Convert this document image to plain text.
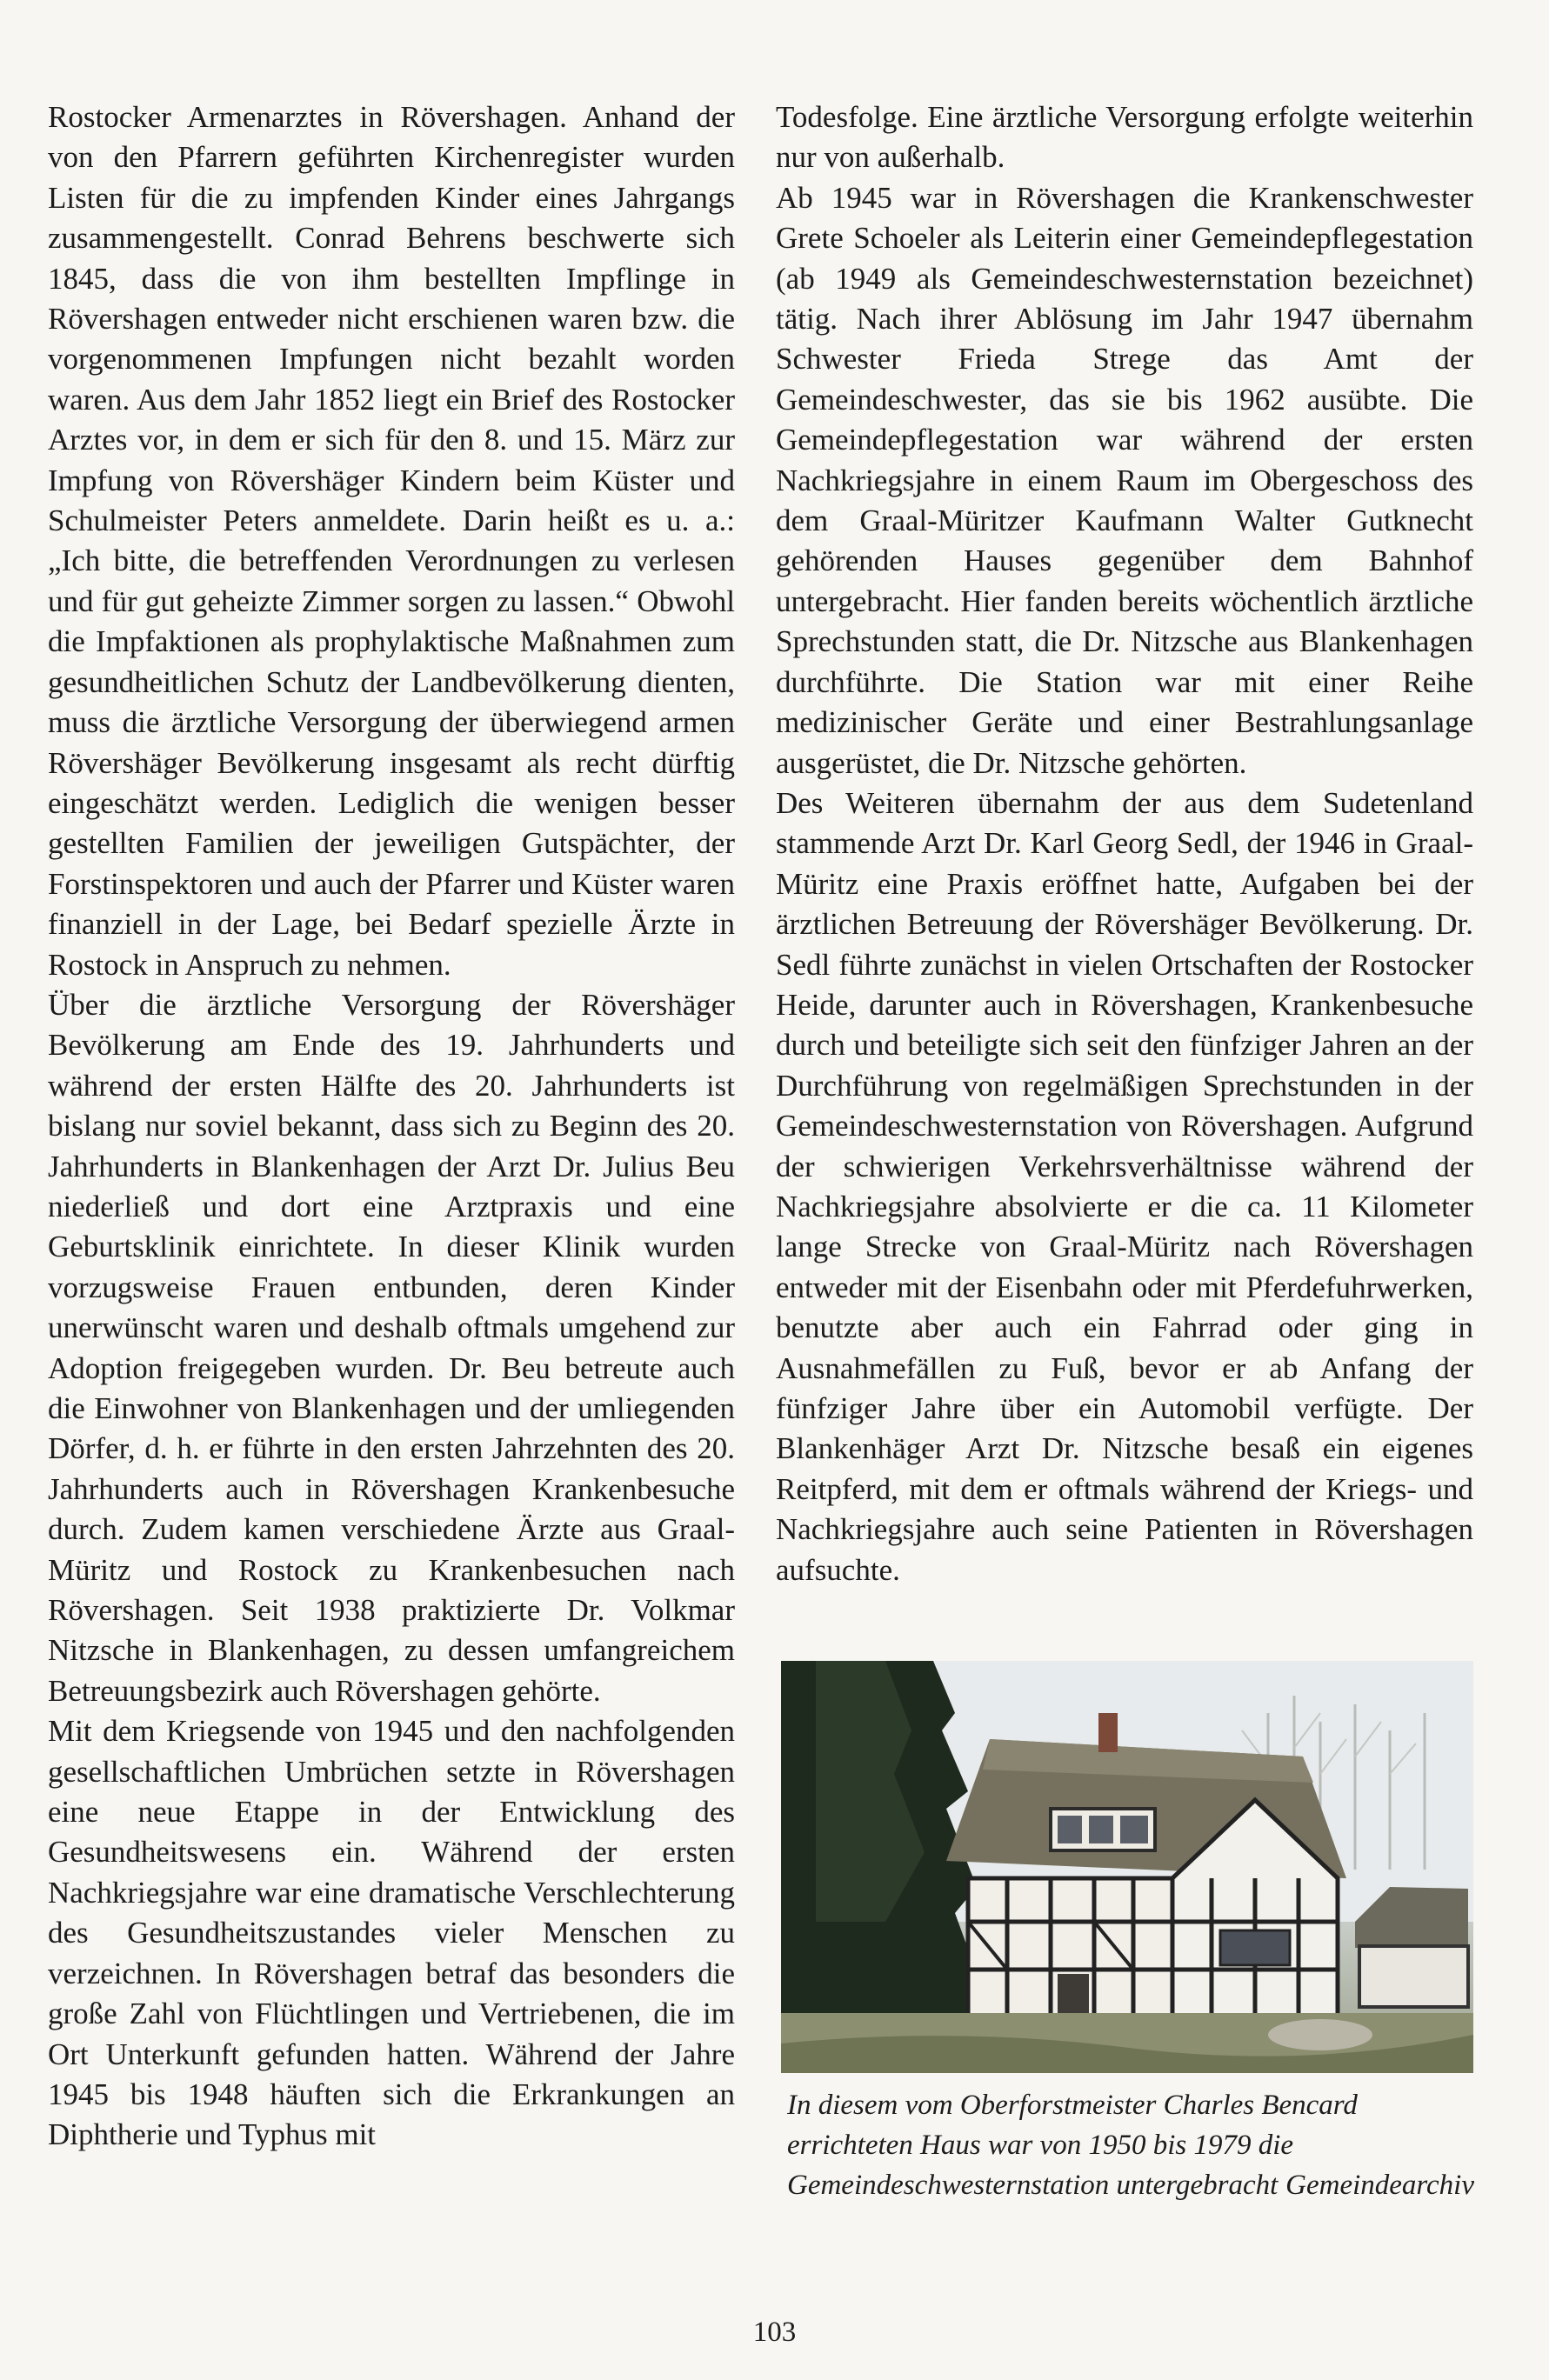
Rostocker Armenarztes in Rövershagen. Anhand der von den Pfarrern geführten Kirchenregister wurden Listen für die zu impfenden Kinder eines Jahrgangs zusammengestellt. Conrad Behrens beschwerte sich 1845, dass die von ihm bestellten Impflinge in Rövershagen entweder nicht erschienen waren bzw. die vorgenommenen Impfungen nicht bezahlt worden waren. Aus dem Jahr 1852 liegt ein Brief des Rostocker Arztes vor, in dem er sich für den 8. und 15. März zur Impfung von Rövershäger Kindern beim Küster und Schulmeister Peters anmeldete. Darin heißt es u. a.: „Ich bitte, die betreffenden Verordnungen zu verlesen und für gut geheizte Zimmer sorgen zu lassen.“ Obwohl die Impfaktionen als prophylaktische Maßnahmen zum gesundheitlichen Schutz der Landbevölkerung dienten, muss die ärztliche Versorgung der überwiegend armen Rövershäger Bevölkerung insgesamt als recht dürftig eingeschätzt werden. Lediglich die wenigen besser gestellten Familien der jeweiligen Gutspächter, der Forstinspektoren und auch der Pfarrer und Küster waren finanziell in der Lage, bei Bedarf spezielle Ärzte in Rostock in Anspruch zu nehmen.

Über die ärztliche Versorgung der Rövershäger Bevölkerung am Ende des 19. Jahrhunderts und während der ersten Hälfte des 20. Jahrhunderts ist bislang nur soviel bekannt, dass sich zu Beginn des 20. Jahrhunderts in Blankenhagen der Arzt Dr. Julius Beu niederließ und dort eine Arztpraxis und eine Geburtsklinik einrichtete. In dieser Klinik wurden vorzugsweise Frauen entbunden, deren Kinder unerwünscht waren und deshalb oftmals umgehend zur Adoption freigegeben wurden. Dr. Beu betreute auch die Einwohner von Blankenhagen und der umliegenden Dörfer, d. h. er führte in den ersten Jahrzehnten des 20. Jahrhunderts auch in Rövershagen Krankenbesuche durch. Zudem kamen verschiedene Ärzte aus Graal-Müritz und Rostock zu Krankenbesuchen nach Rövershagen. Seit 1938 praktizierte Dr. Volkmar Nitzsche in Blankenhagen, zu dessen umfangreichem Betreuungsbezirk auch Rövershagen gehörte.

Mit dem Kriegsende von 1945 und den nachfolgenden gesellschaftlichen Umbrüchen setzte in Rövershagen eine neue Etappe in der Entwicklung des Gesundheitswesens ein. Während der ersten Nachkriegsjahre war eine dramatische Verschlechterung des Gesundheitszustandes vieler Menschen zu verzeichnen. In Rövershagen betraf das besonders die große Zahl von Flüchtlingen und Vertriebenen, die im Ort Unterkunft gefunden hatten. Während der Jahre 1945 bis 1948 häuften sich die Erkrankungen an Diphtherie und Typhus mit

Todesfolge. Eine ärztliche Versorgung erfolgte weiterhin nur von außerhalb.

Ab 1945 war in Rövershagen die Krankenschwester Grete Schoeler als Leiterin einer Gemeindepflegestation (ab 1949 als Gemeindeschwesternstation bezeichnet) tätig. Nach ihrer Ablösung im Jahr 1947 übernahm Schwester Frieda Strege das Amt der Gemeindeschwester, das sie bis 1962 ausübte. Die Gemeindepflegestation war während der ersten Nachkriegsjahre in einem Raum im Obergeschoss des dem Graal-Müritzer Kaufmann Walter Gutknecht gehörenden Hauses gegenüber dem Bahnhof untergebracht. Hier fanden bereits wöchentlich ärztliche Sprechstunden statt, die Dr. Nitzsche aus Blankenhagen durchführte. Die Station war mit einer Reihe medizinischer Geräte und einer Bestrahlungsanlage ausgerüstet, die Dr. Nitzsche gehörten.

Des Weiteren übernahm der aus dem Sudetenland stammende Arzt Dr. Karl Georg Sedl, der 1946 in Graal-Müritz eine Praxis eröffnet hatte, Aufgaben bei der ärztlichen Betreuung der Rövershäger Bevölkerung. Dr. Sedl führte zunächst in vielen Ortschaften der Rostocker Heide, darunter auch in Rövershagen, Krankenbesuche durch und beteiligte sich seit den fünfziger Jahren an der Durchführung von regelmäßigen Sprechstunden in der Gemeindeschwesternstation von Rövershagen. Aufgrund der schwierigen Verkehrsverhältnisse während der Nachkriegsjahre absolvierte er die ca. 11 Kilometer lange Strecke von Graal-Müritz nach Rövershagen entweder mit der Eisenbahn oder mit Pferdefuhrwerken, benutzte aber auch ein Fahrrad oder ging in Ausnahmefällen zu Fuß, bevor er ab Anfang der fünfziger Jahre über ein Automobil verfügte. Der Blankenhäger Arzt Dr. Nitzsche besaß ein eigenes Reitpferd, mit dem er oftmals während der Kriegs- und Nachkriegsjahre auch seine Patienten in Rövershagen aufsuchte.

In diesem vom Oberforstmeister Charles Bencard errichteten Haus war von 1950 bis 1979 die Gemeindeschwesternstation untergebracht Gemeindearchiv

103
